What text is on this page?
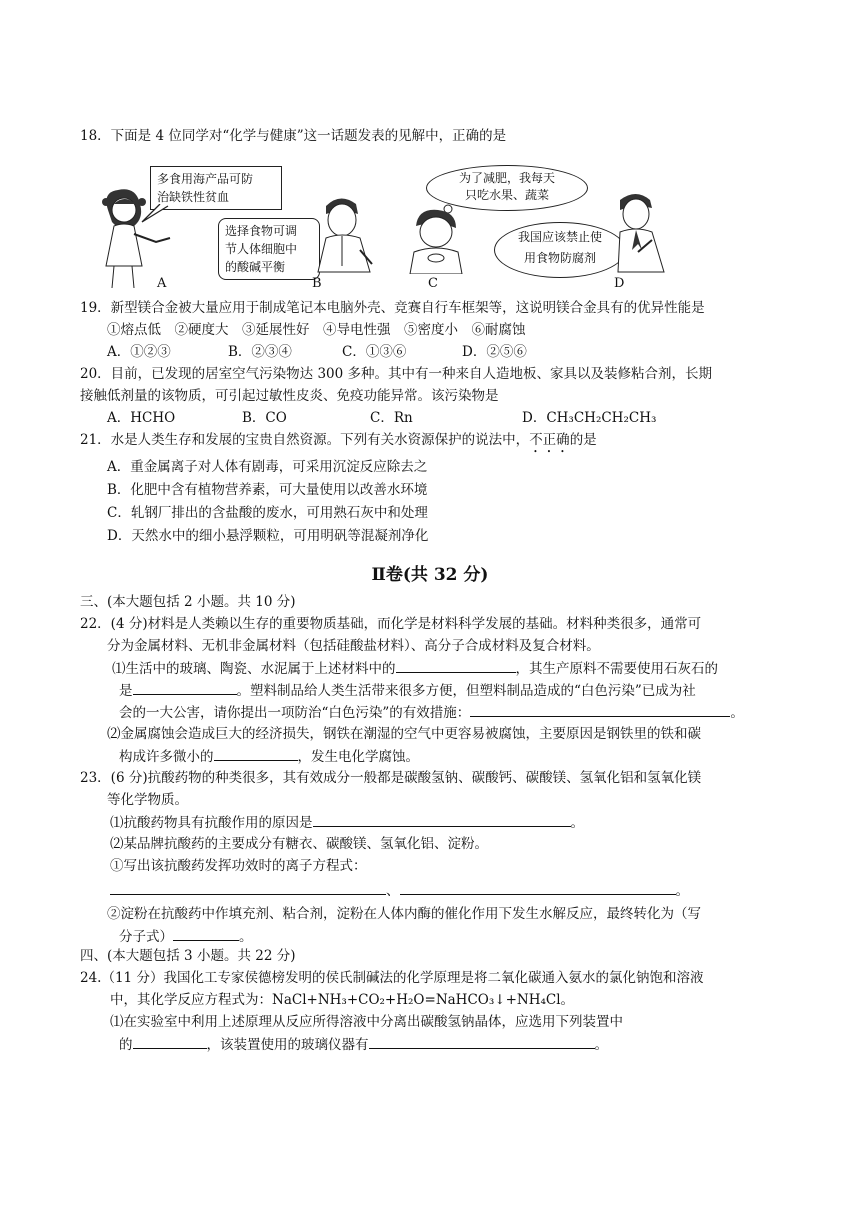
18．下面是 4 位同学对“化学与健康”这一话题发表的见解中，正确的是
多食用海产品可防
治缺铁性贫血
选择食物可调
节人体细胞中
的酸碱平衡
为了减肥，我每天
只吃水果、蔬菜
我国应该禁止使
用食物防腐剂
A	B	C	D
19．新型镁合金被大量应用于制成笔记本电脑外壳、竞赛自行车框架等，这说明镁合金具有的优异性能是
①熔点低　②硬度大　③延展性好　④导电性强　⑤密度小　⑥耐腐蚀
A．①②③	B．②③④	C．①③⑥	D．②⑤⑥
20．目前，已发现的居室空气污染物达 300 多种。其中有一种来自人造地板、家具以及装修粘合剂，长期
接触低剂量的该物质，可引起过敏性皮炎、免疫功能异常。该污染物是
A．HCHO	B．CO	C．Rn	D．CH₃CH₂CH₂CH₃
21．水是人类生存和发展的宝贵自然资源。下列有关水资源保护的说法中，不正确的是
A．重金属离子对人体有剧毒，可采用沉淀反应除去之
B．化肥中含有植物营养素，可大量使用以改善水环境
C．轧钢厂排出的含盐酸的废水，可用熟石灰中和处理
D．天然水中的细小悬浮颗粒，可用明矾等混凝剂净化
Ⅱ卷(共 32 分)
三、(本大题包括 2 小题。共 10 分)
22．(4 分)材料是人类赖以生存的重要物质基础，而化学是材料科学发展的基础。材料种类很多，通常可
分为金属材料、无机非金属材料（包括硅酸盐材料）、高分子合成材料及复合材料。
⑴生活中的玻璃、陶瓷、水泥属于上述材料中的	，其生产原料不需要使用石灰石的
是	。塑料制品给人类生活带来很多方便，但塑料制品造成的“白色污染”已成为社
会的一大公害，请你提出一项防治“白色污染”的有效措施：	。
⑵金属腐蚀会造成巨大的经济损失，钢铁在潮湿的空气中更容易被腐蚀，主要原因是钢铁里的铁和碳
构成许多微小的	，发生电化学腐蚀。
23．(6 分)抗酸药物的种类很多，其有效成分一般都是碳酸氢钠、碳酸钙、碳酸镁、氢氧化铝和氢氧化镁
等化学物质。
⑴抗酸药物具有抗酸作用的原因是	。
⑵某品牌抗酸药的主要成分有糖衣、碳酸镁、氢氧化铝、淀粉。
①写出该抗酸药发挥功效时的离子方程式：
、	。
②淀粉在抗酸药中作填充剂、粘合剂，淀粉在人体内酶的催化作用下发生水解反应，最终转化为（写
分子式）	。
四、(本大题包括 3 小题。共 22 分)
24.（11 分）我国化工专家侯德榜发明的侯氏制碱法的化学原理是将二氧化碳通入氨水的氯化钠饱和溶液
中，其化学反应方程式为：NaCl+NH₃+CO₂+H₂O=NaHCO₃↓+NH₄Cl。
⑴在实验室中利用上述原理从反应所得溶液中分离出碳酸氢钠晶体，应选用下列装置中
的	，该装置使用的玻璃仪器有	。
